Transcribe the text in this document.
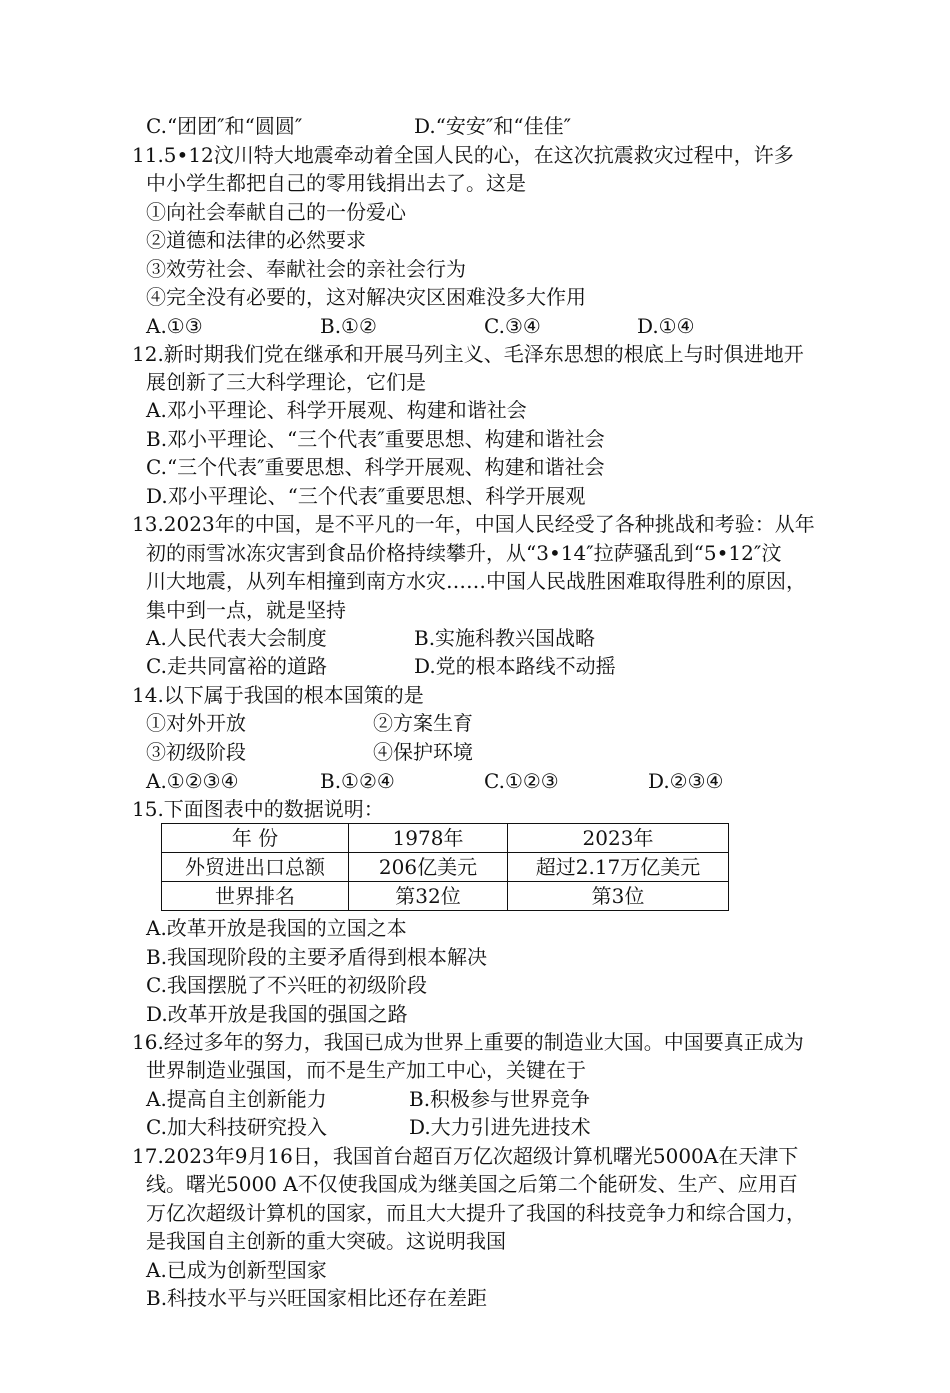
C.“团团″和“圆圆″	D.“安安″和“佳佳″
11.5•12汶川特大地震牵动着全国人民的心，在这次抗震救灾过程中，许多
中小学生都把自己的零用钱捐出去了。这是
①向社会奉献自己的一份爱心
②道德和法律的必然要求
③效劳社会、奉献社会的亲社会行为
④完全没有必要的，这对解决灾区困难没多大作用
A.①③	B.①②	C.③④	D.①④
12.新时期我们党在继承和开展马列主义、毛泽东思想的根底上与时俱进地开
展创新了三大科学理论，它们是
A.邓小平理论、科学开展观、构建和谐社会
B.邓小平理论、“三个代表″重要思想、构建和谐社会
C.“三个代表″重要思想、科学开展观、构建和谐社会
D.邓小平理论、“三个代表″重要思想、科学开展观
13.2023年的中国，是不平凡的一年，中国人民经受了各种挑战和考验：从年
初的雨雪冰冻灾害到食品价格持续攀升，从“3•14″拉萨骚乱到“5•12″汶
川大地震，从列车相撞到南方水灾……中国人民战胜困难取得胜利的原因，
集中到一点，就是坚持
A.人民代表大会制度	B.实施科教兴国战略
C.走共同富裕的道路	D.党的根本路线不动摇
14.以下属于我国的根本国策的是
①对外开放	②方案生育
③初级阶段	④保护环境
A.①②③④	B.①②④	C.①②③	D.②③④
15.下面图表中的数据说明：
年 份	1978年	2023年
外贸进出口总额	206亿美元	超过2.17万亿美元
世界排名	第32位	第3位
A.改革开放是我国的立国之本
B.我国现阶段的主要矛盾得到根本解决
C.我国摆脱了不兴旺的初级阶段
D.改革开放是我国的强国之路
16.经过多年的努力，我国已成为世界上重要的制造业大国。中国要真正成为
世界制造业强国，而不是生产加工中心，关键在于
A.提高自主创新能力	B.积极参与世界竞争
C.加大科技研究投入	D.大力引进先进技术
17.2023年9月16日，我国首台超百万亿次超级计算机曙光5000A在天津下
线。曙光5000 A不仅使我国成为继美国之后第二个能研发、生产、应用百
万亿次超级计算机的国家，而且大大提升了我国的科技竞争力和综合国力，
是我国自主创新的重大突破。这说明我国
A.已成为创新型国家
B.科技水平与兴旺国家相比还存在差距
